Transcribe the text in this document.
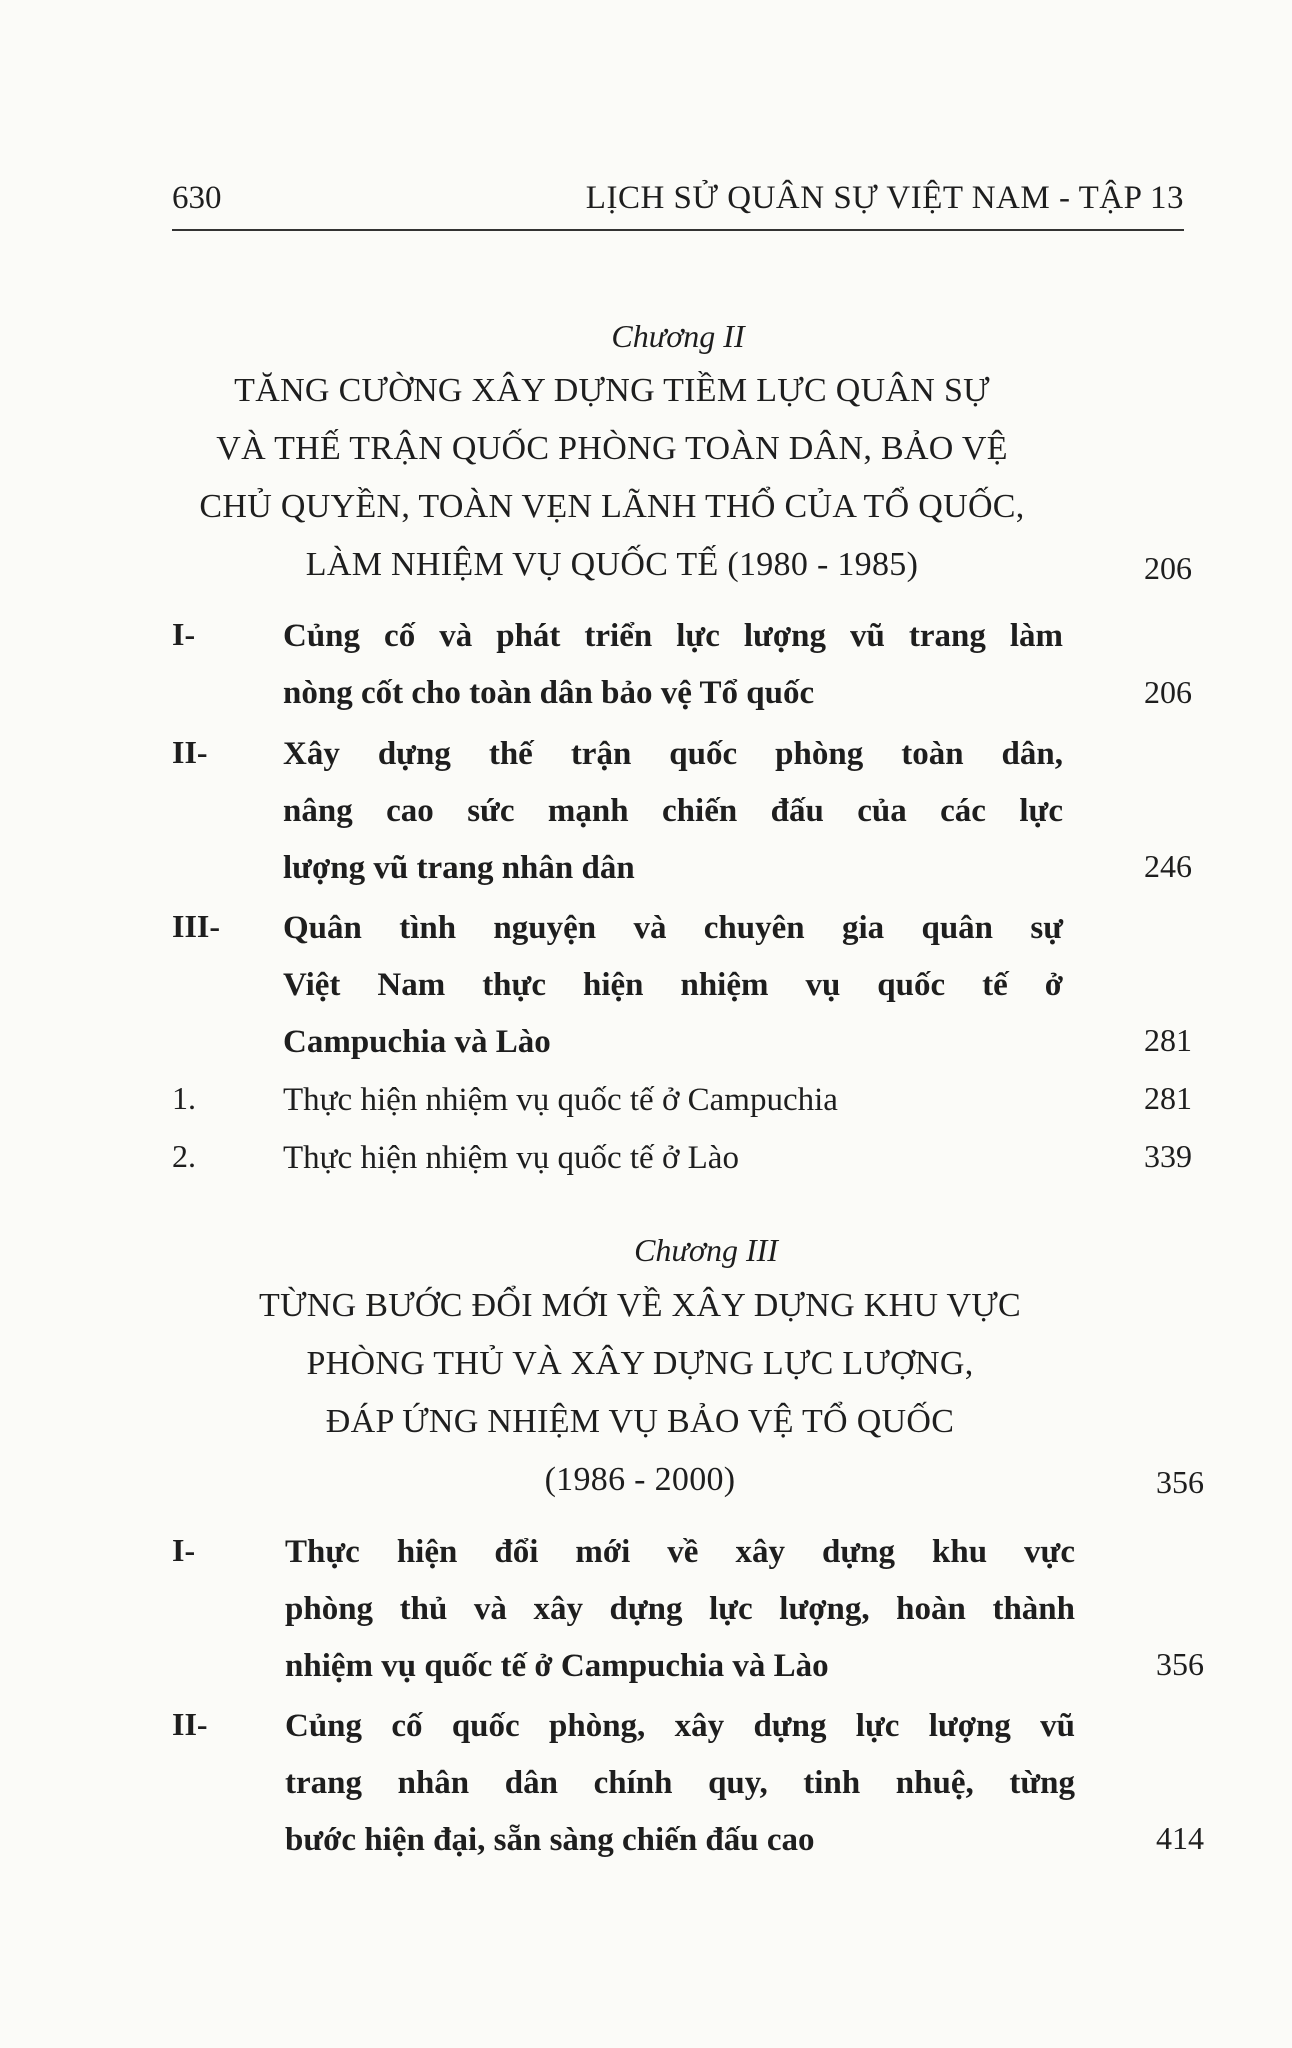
630	LỊCH SỬ QUÂN SỰ VIỆT NAM - TẬP 13
Chương II
TĂNG CƯỜNG XÂY DỰNG TIỀM LỰC QUÂN SỰ
VÀ THẾ TRẬN QUỐC PHÒNG TOÀN DÂN, BẢO VỆ
CHỦ QUYỀN, TOÀN VẸN LÃNH THỔ CỦA TỔ QUỐC,
LÀM NHIỆM VỤ QUỐC TẾ (1980 - 1985)	206
I-	Củng cố và phát triển lực lượng vũ trang làm
nòng cốt cho toàn dân bảo vệ Tổ quốc	206
II- Xây dựng thế trận quốc phòng toàn dân,
nâng cao sức mạnh chiến đấu của các lực
lượng vũ trang nhân dân	246
III- Quân tình nguyện và chuyên gia quân sự
Việt Nam thực hiện nhiệm vụ quốc tế ở
Campuchia và Lào	281
1.	Thực hiện nhiệm vụ quốc tế ở Campuchia	281
2.	Thực hiện nhiệm vụ quốc tế ở Lào	339
Chương III
TỪNG BƯỚC ĐỔI MỚI VỀ XÂY DỰNG KHU VỰC
PHÒNG THỦ VÀ XÂY DỰNG LỰC LƯỢNG,
ĐÁP ỨNG NHIỆM VỤ BẢO VỆ TỔ QUỐC
(1986 - 2000)	356
I-	Thực hiện đổi mới về xây dựng khu vực
phòng thủ và xây dựng lực lượng, hoàn thành
nhiệm vụ quốc tế ở Campuchia và Lào	356
II- Củng cố quốc phòng, xây dựng lực lượng vũ
trang nhân dân chính quy, tinh nhuệ, từng
bước hiện đại, sẵn sàng chiến đấu cao	414
